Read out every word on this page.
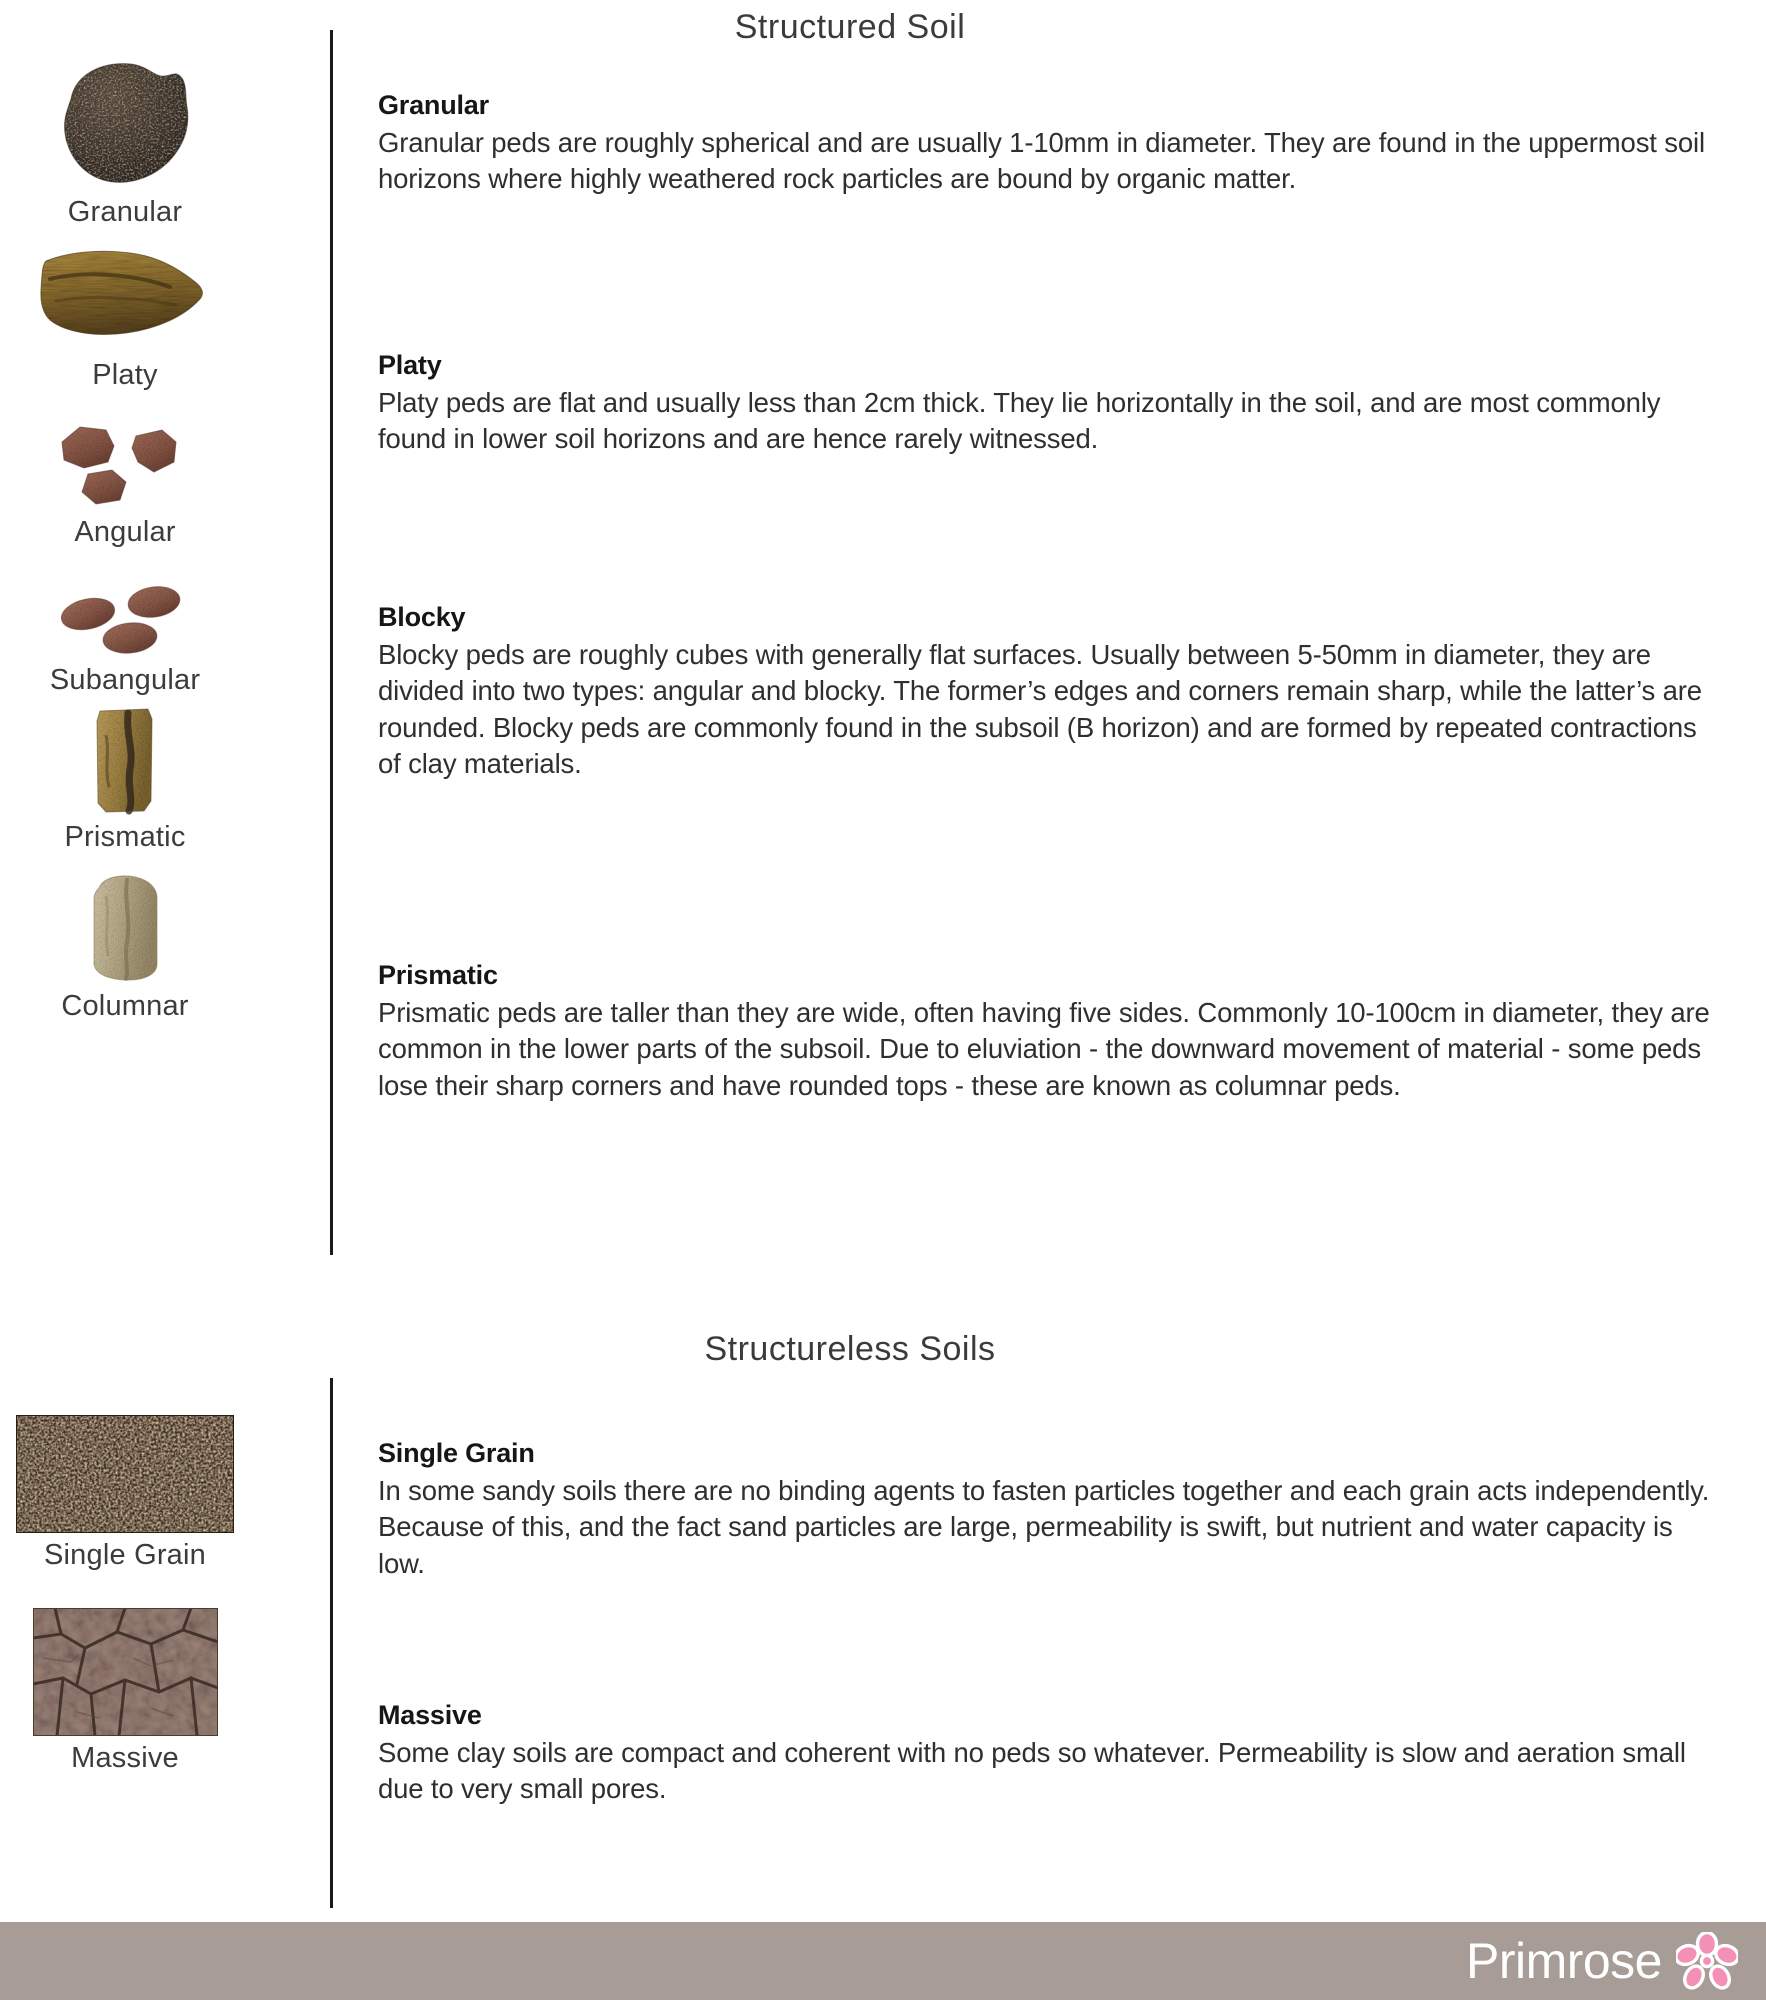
Structured Soil
Granular
Platy
Angular
Subangular
Prismatic
Columnar
Granular

Granular peds are roughly spherical and are usually 1-10mm in diameter. They are found in the uppermost soil horizons where highly weathered rock particles are bound by organic matter.

Platy

Platy peds are flat and usually less than 2cm thick. They lie horizontally in the soil, and are most commonly found in lower soil horizons and are hence rarely witnessed.

Blocky

Blocky peds are roughly cubes with generally flat surfaces. Usually between 5-50mm in diameter, they are divided into two types: angular and blocky. The former’s edges and corners remain sharp, while the latter’s are rounded. Blocky peds are commonly found in the subsoil (B horizon) and are formed by repeated contractions of clay materials.

Prismatic

Prismatic peds are taller than they are wide, often having five sides. Commonly 10-100cm in diameter, they are common in the lower parts of the subsoil. Due to eluviation - the downward movement of material - some peds lose their sharp corners and have rounded tops - these are known as columnar peds.

Structureless Soils
Single Grain
Massive
Single Grain

In some sandy soils there are no binding agents to fasten particles together and each grain acts independently. Because of this, and the fact sand particles are large, permeability is swift, but nutrient and water capacity is low.

Massive

Some clay soils are compact and coherent with no peds so whatever. Permeability is slow and aeration small due to very small pores.

Primrose
